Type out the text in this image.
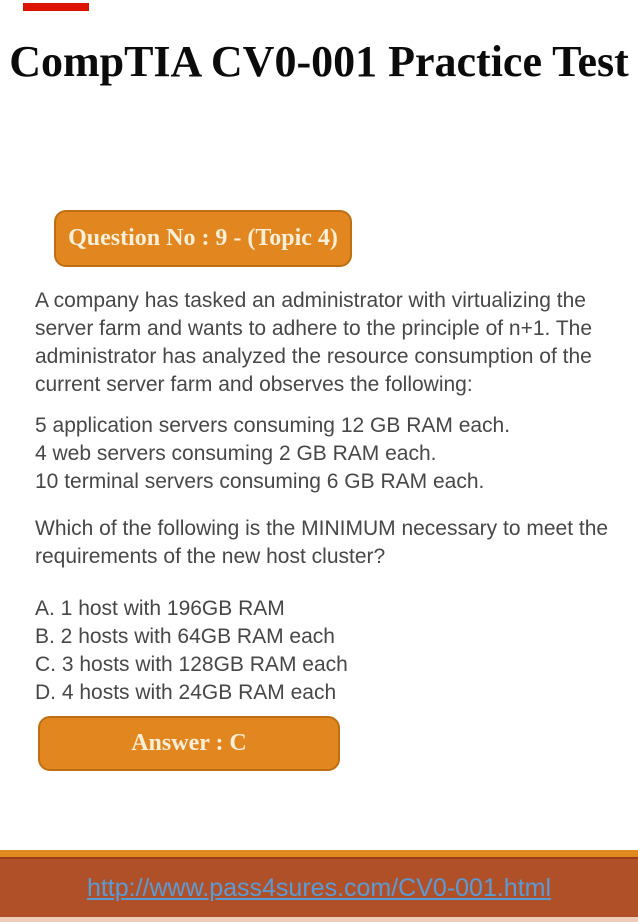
CompTIA CV0-001 Practice Test
Question No : 9 - (Topic 4)
A company has tasked an administrator with virtualizing the
server farm and wants to adhere to the principle of n+1. The
administrator has analyzed the resource consumption of the
current server farm and observes the following:
5 application servers consuming 12 GB RAM each.
4 web servers consuming 2 GB RAM each.
10 terminal servers consuming 6 GB RAM each.
Which of the following is the MINIMUM necessary to meet the
requirements of the new host cluster?
A. 1 host with 196GB RAM
B. 2 hosts with 64GB RAM each
C. 3 hosts with 128GB RAM each
D. 4 hosts with 24GB RAM each
Answer : C
http://www.pass4sures.com/CV0-001.html
